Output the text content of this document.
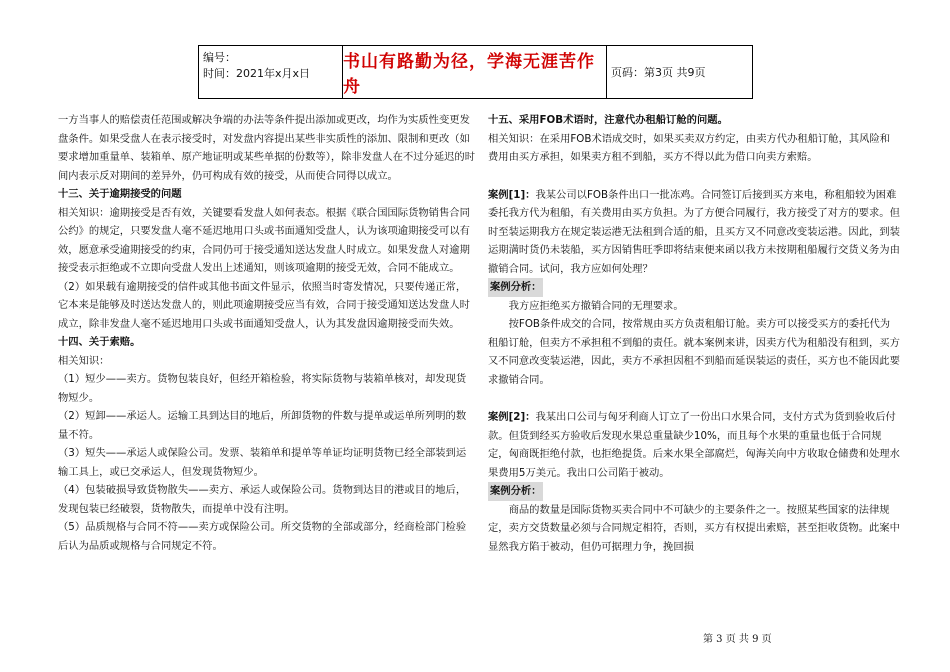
编号：
时间：2021年x月x日
书山有路勤为径，学海无涯苦作舟
页码：第3页 共9页

一方当事人的赔偿责任范围或解决争端的办法等条件提出添加或更改，均作为实质性变更发盘条件。如果受盘人在表示接受时，对发盘内容提出某些非实质性的添加、限制和更改（如要求增加重量单、装箱单、原产地证明或某些单据的份数等），除非发盘人在不过分延迟的时间内表示反对期间的差异外，仍可构成有效的接受，从而使合同得以成立。

十三、关于逾期接受的问题

相关知识：逾期接受是否有效，关键要看发盘人如何表态。根据《联合国国际货物销售合同公约》的规定，只要发盘人毫不延迟地用口头或书面通知受盘人，认为该项逾期接受可以有效，愿意承受逾期接受的约束，合同仍可于接受通知送达发盘人时成立。如果发盘人对逾期接受表示拒绝或不立即向受盘人发出上述通知，则该项逾期的接受无效，合同不能成立。

（2）如果载有逾期接受的信件或其他书面文件显示，依照当时寄发情况，只要传递正常，它本来是能够及时送达发盘人的，则此项逾期接受应当有效，合同于接受通知送达发盘人时成立，除非发盘人毫不延迟地用口头或书面通知受盘人，认为其发盘因逾期接受而失效。

十四、关于索赔。

相关知识：

（1）短少——卖方。货物包装良好，但经开箱检验，将实际货物与装箱单核对，却发现货物短少。

（2）短卸——承运人。运输工具到达目的地后，所卸货物的件数与提单或运单所列明的数量不符。

（3）短失——承运人或保险公司。发票、装箱单和提单等单证均证明货物已经全部装到运输工具上，或已交承运人，但发现货物短少。

（4）包装破损导致货物散失——卖方、承运人或保险公司。货物到达目的港或目的地后，发现包装已经破裂，货物散失，而提单中没有注明。

（5）品质规格与合同不符——卖方或保险公司。所交货物的全部或部分，经商检部门检验后认为品质或规格与合同规定不符。

十五、采用FOB术语时，注意代办租船订舱的问题。

相关知识：在采用FOB术语成交时，如果买卖双方约定，由卖方代办租船订舱，其风险和费用由买方承担，如果卖方租不到船，买方不得以此为借口向卖方索赔。

案例[1]：我某公司以FOB条件出口一批冻鸡。合同签订后接到买方来电，称租船较为困难委托我方代为租船，有关费用由买方负担。为了方便合同履行，我方接受了对方的要求。但时至装运期我方在规定装运港无法租到合适的船，且买方又不同意改变装运港。因此，到装运期满时货仍未装船，买方因销售旺季即将结束便来函以我方未按期租船履行交货义务为由撤销合同。试问，我方应如何处理？

案例分析：

我方应拒绝买方撤销合同的无理要求。

按FOB条件成交的合同，按常规由买方负责租船订舱。卖方可以接受买方的委托代为租船订舱，但卖方不承担租不到船的责任。就本案例来讲，因卖方代为租船没有租到，买方又不同意改变装运港，因此，卖方不承担因租不到船而延误装运的责任，买方也不能因此要求撤销合同。

案例[2]：我某出口公司与匈牙利商人订立了一份出口水果合同，支付方式为货到验收后付款。但货到经买方验收后发现水果总重量缺少10%，而且每个水果的重量也低于合同规定，匈商既拒绝付款，也拒绝提货。后来水果全部腐烂，匈海关向中方收取仓储费和处理水果费用5万美元。我出口公司陷于被动。

案例分析：

商品的数量是国际货物买卖合同中不可缺少的主要条件之一。按照某些国家的法律规定，卖方交货数量必须与合同规定相符，否则，买方有权提出索赔，甚至拒收货物。此案中显然我方陷于被动，但仍可据理力争，挽回损

第 3 页 共 9 页
